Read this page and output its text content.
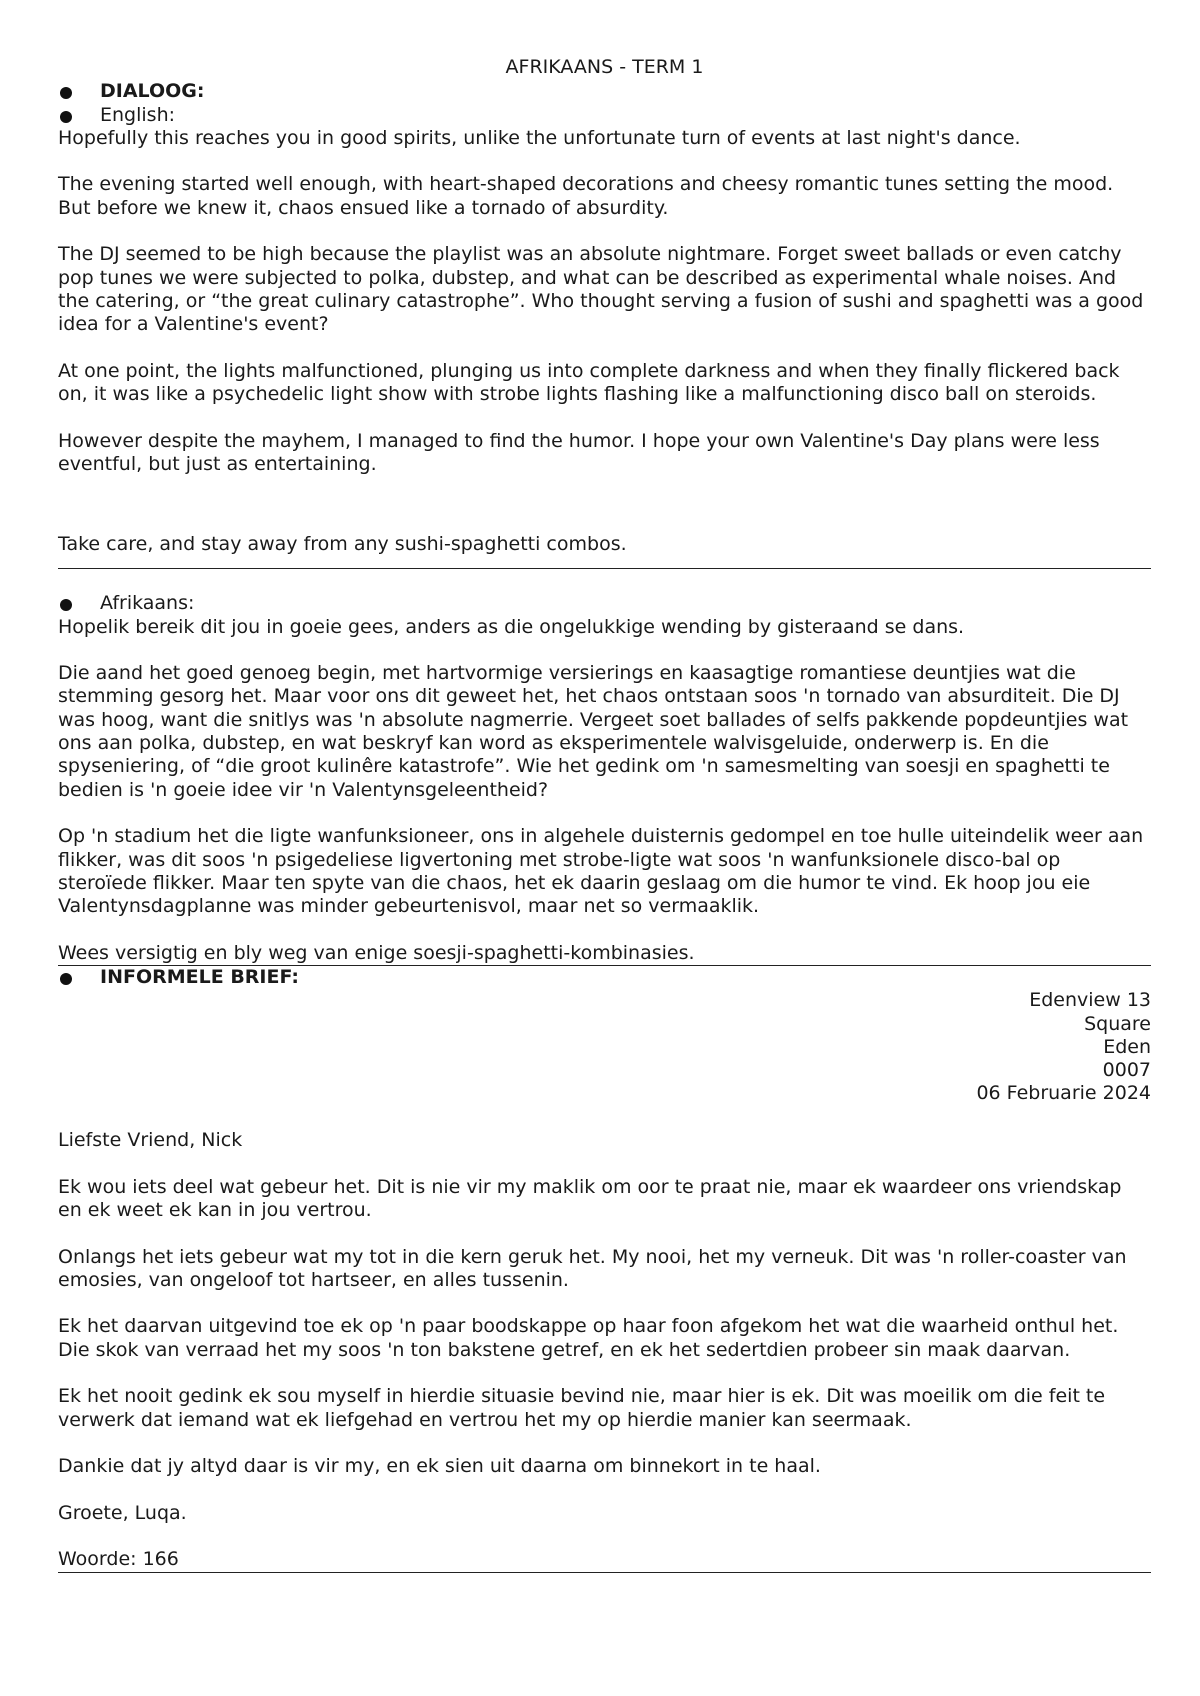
AFRIKAANS - TERM 1

DIALOOG:
English:

Hopefully this reaches you in good spirits, unlike the unfortunate turn of events at last night's dance.

The evening started well enough, with heart-shaped decorations and cheesy romantic tunes setting the mood. But before we knew it, chaos ensued like a tornado of absurdity.

The DJ seemed to be high because the playlist was an absolute nightmare. Forget sweet ballads or even catchy pop tunes we were subjected to polka, dubstep, and what can be described as experimental whale noises. And the catering, or “the great culinary catastrophe”. Who thought serving a fusion of sushi and spaghetti was a good idea for a Valentine's event?

At one point, the lights malfunctioned, plunging us into complete darkness and when they finally flickered back on, it was like a psychedelic light show with strobe lights flashing like a malfunctioning disco ball on steroids.

However despite the mayhem, I managed to find the humor. I hope your own Valentine's Day plans were less eventful, but just as entertaining.

Take care, and stay away from any sushi-spaghetti combos.

Afrikaans:

Hopelik bereik dit jou in goeie gees, anders as die ongelukkige wending by gisteraand se dans.

Die aand het goed genoeg begin, met hartvormige versierings en kaasagtige romantiese deuntjies wat die stemming gesorg het. Maar voor ons dit geweet het, het chaos ontstaan soos 'n tornado van absurditeit. Die DJ was hoog, want die snitlys was 'n absolute nagmerrie. Vergeet soet ballades of selfs pakkende popdeuntjies wat ons aan polka, dubstep, en wat beskryf kan word as eksperimentele walvisgeluide, onderwerp is. En die spyseniering, of “die groot kulinêre katastrofe”. Wie het gedink om 'n samesmelting van soesji en spaghetti te bedien is 'n goeie idee vir 'n Valentynsgeleentheid?

Op 'n stadium het die ligte wanfunksioneer, ons in algehele duisternis gedompel en toe hulle uiteindelik weer aan flikker, was dit soos 'n psigedeliese ligvertoning met strobe-ligte wat soos 'n wanfunksionele disco-bal op steroïede flikker. Maar ten spyte van die chaos, het ek daarin geslaag om die humor te vind. Ek hoop jou eie Valentynsdagplanne was minder gebeurtenisvol, maar net so vermaaklik.

Wees versigtig en bly weg van enige soesji-spaghetti-kombinasies.

INFORMELE BRIEF:

Edenview 13

Square

Eden

0007

06 Februarie 2024

Liefste Vriend, Nick

Ek wou iets deel wat gebeur het. Dit is nie vir my maklik om oor te praat nie, maar ek waardeer ons vriendskap en ek weet ek kan in jou vertrou.

Onlangs het iets gebeur wat my tot in die kern geruk het. My nooi, het my verneuk. Dit was 'n roller-coaster van emosies, van ongeloof tot hartseer, en alles tussenin.

Ek het daarvan uitgevind toe ek op 'n paar boodskappe op haar foon afgekom het wat die waarheid onthul het. Die skok van verraad het my soos 'n ton bakstene getref, en ek het sedertdien probeer sin maak daarvan.

Ek het nooit gedink ek sou myself in hierdie situasie bevind nie, maar hier is ek. Dit was moeilik om die feit te verwerk dat iemand wat ek liefgehad en vertrou het my op hierdie manier kan seermaak.

Dankie dat jy altyd daar is vir my, en ek sien uit daarna om binnekort in te haal.

Groete, Luqa.

Woorde: 166
